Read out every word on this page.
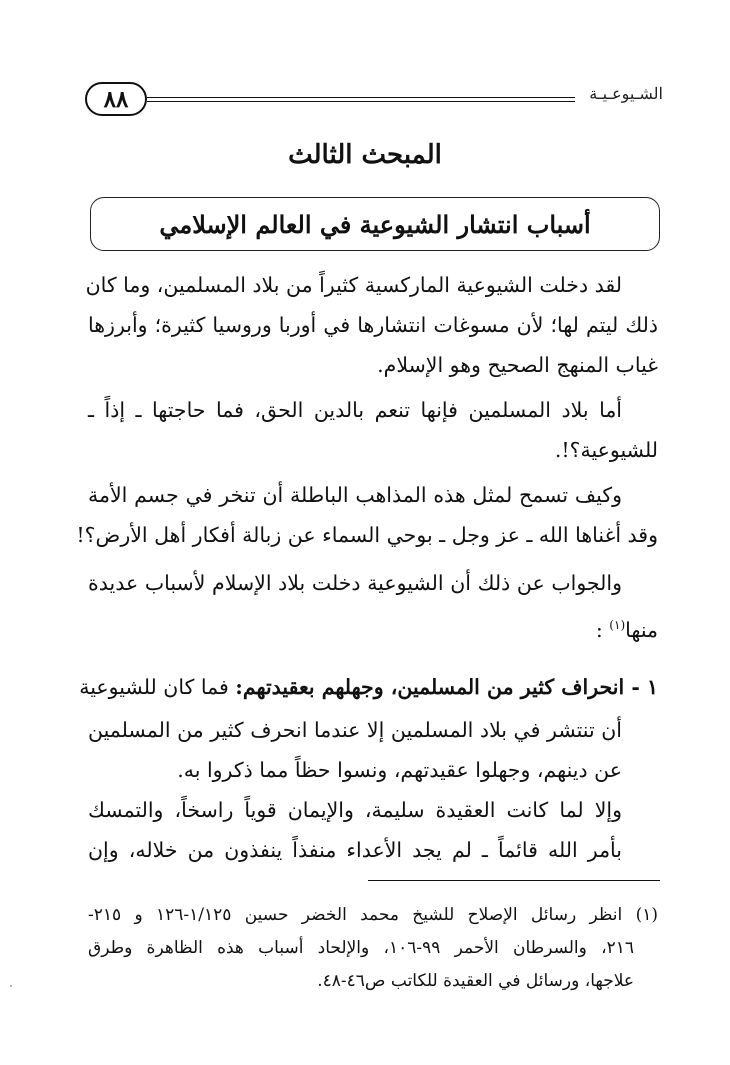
٨٨	الشـيوعـيـة
المبحث الثالث
أسباب انتشار الشيوعية في العالم الإسلامي
لقد دخلت الشيوعية الماركسية كثيراً من بلاد المسلمين، وما كان
ذلك ليتم لها؛ لأن مسوغات انتشارها في أوربا وروسيا كثيرة؛ وأبرزها
غياب المنهج الصحيح وهو الإسلام.
أما بلاد المسلمين فإنها تنعم بالدين الحق، فما حاجتها ـ إذاً ـ
للشيوعية؟!.
وكيف تسمح لمثل هذه المذاهب الباطلة أن تنخر في جسم الأمة
وقد أغناها الله ـ عز وجل ـ بوحي السماء عن زبالة أفكار أهل الأرض؟!
والجواب عن ذلك أن الشيوعية دخلت بلاد الإسلام لأسباب عديدة
منها$^{(١)}$ :
١ - انحراف كثير من المسلمين، وجهلهم بعقيدتهم: فما كان للشيوعية
أن تنتشر في بلاد المسلمين إلا عندما انحرف كثير من المسلمين
عن دينهم، وجهلوا عقيدتهم، ونسوا حظاً مما ذكروا به.
وإلا لما كانت العقيدة سليمة، والإيمان قوياً راسخاً، والتمسك
بأمر الله قائماً ـ لم يجد الأعداء منفذاً ينفذون من خلاله، وإن
(١) انظر رسائل الإصلاح للشيخ محمد الخضر حسين ١/١٢٥-١٢٦ و ٢١٥-
٢١٦، والسرطان الأحمر ٩٩-١٠٦، والإلحاد أسباب هذه الظاهرة وطرق
علاجها، ورسائل في العقيدة للكاتب ص٤٦-٤٨.
